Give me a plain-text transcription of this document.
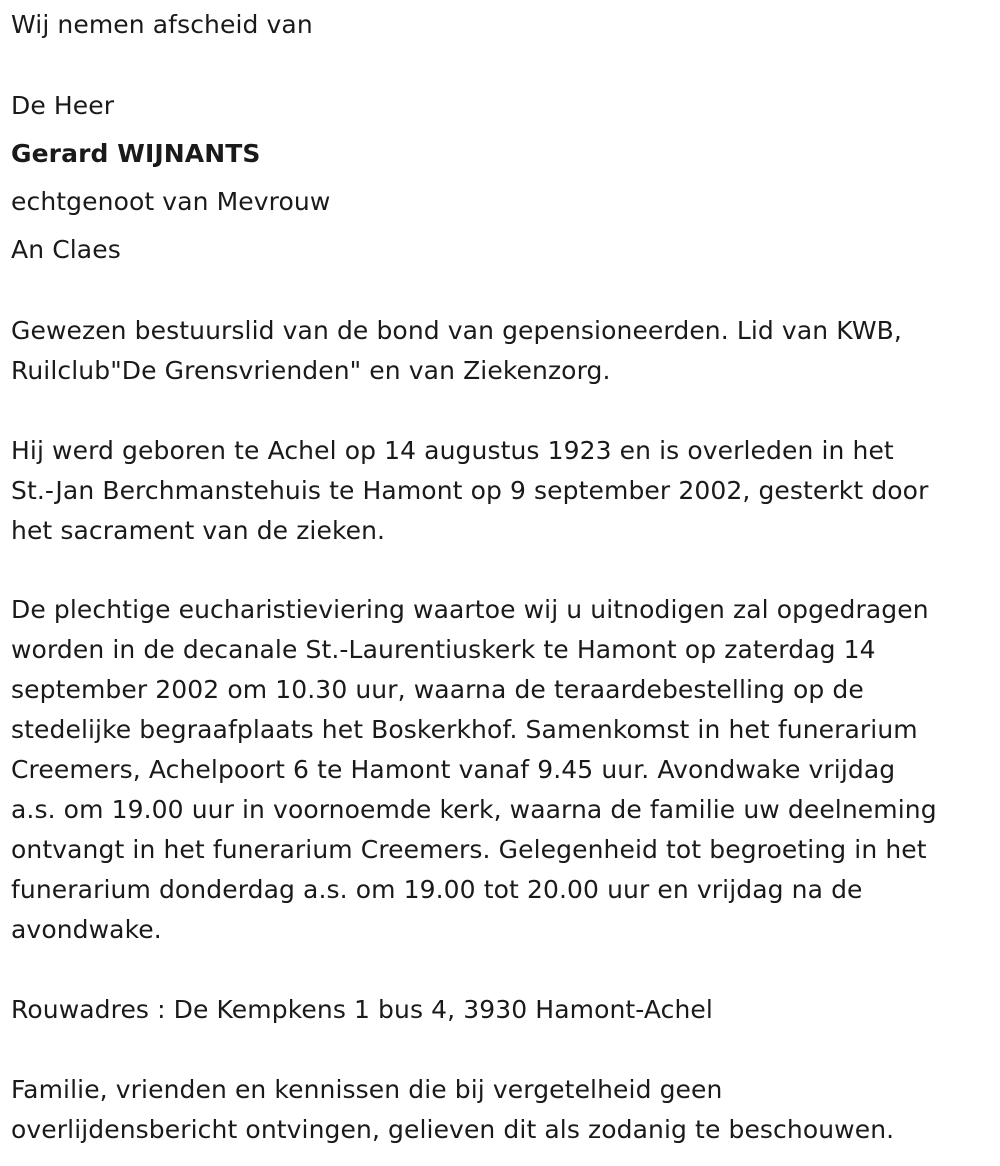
Wij nemen afscheid van
De Heer
Gerard WIJNANTS
echtgenoot van Mevrouw
An Claes
Gewezen bestuurslid van de bond van gepensioneerden. Lid van KWB,
Ruilclub"De Grensvrienden" en van Ziekenzorg.
Hij werd geboren te Achel op 14 augustus 1923 en is overleden in het
St.-Jan Berchmanstehuis te Hamont op 9 september 2002, gesterkt door
het sacrament van de zieken.
De plechtige eucharistieviering waartoe wij u uitnodigen zal opgedragen
worden in de decanale St.-Laurentiuskerk te Hamont op zaterdag 14
september 2002 om 10.30 uur, waarna de teraardebestelling op de
stedelijke begraafplaats het Boskerkhof. Samenkomst in het funerarium
Creemers, Achelpoort 6 te Hamont vanaf 9.45 uur. Avondwake vrijdag
a.s. om 19.00 uur in voornoemde kerk, waarna de familie uw deelneming
ontvangt in het funerarium Creemers. Gelegenheid tot begroeting in het
funerarium donderdag a.s. om 19.00 tot 20.00 uur en vrijdag na de
avondwake.
Rouwadres : De Kempkens 1 bus 4, 3930 Hamont-Achel
Familie, vrienden en kennissen die bij vergetelheid geen
overlijdensbericht ontvingen, gelieven dit als zodanig te beschouwen.
